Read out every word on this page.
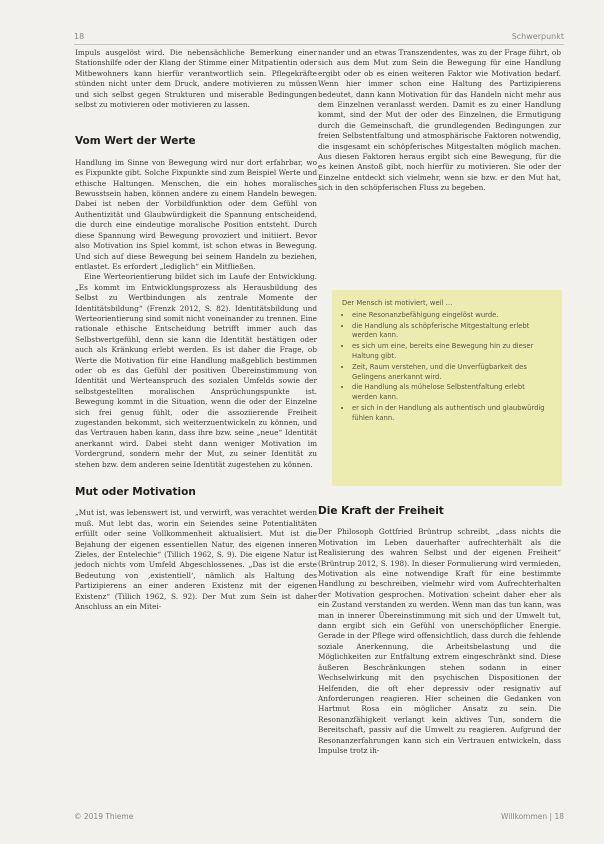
18	Schwerpunkt

Impuls ausgelöst wird. Die nebensächliche Bemerkung einer Stationshilfe oder der Klang der Stimme einer Mitpatientin oder Mitbewohners kann hierfür verantwortlich sein. Pflegekräfte stünden nicht unter dem Druck, andere motivieren zu müssen und sich selbst gegen Strukturen und miserable Bedingungen selbst zu motivieren oder motivieren zu lassen.

Vom Wert der Werte

Handlung im Sinne von Bewegung wird nur dort erfahrbar, wo es Fixpunkte gibt. Solche Fixpunkte sind zum Beispiel Werte und ethische Haltungen. Menschen, die ein hohes moralisches Bewusstsein haben, können andere zu einem Handeln bewegen. Dabei ist neben der Vorbildfunktion oder dem Gefühl von Authentizität und Glaubwürdigkeit die Spannung entscheidend, die durch eine eindeutige moralische Position entsteht. Durch diese Spannung wird Bewegung provoziert und initiiert. Bevor also Motivation ins Spiel kommt, ist schon etwas in Bewegung. Und sich auf diese Bewegung bei seinem Handeln zu beziehen, entlastet. Es erfordert „lediglich“ ein Mitfließen.

Eine Werteorientierung bildet sich im Laufe der Entwicklung. „Es kommt im Entwicklungsprozess als Herausbildung des Selbst zu Wertbindungen als zentrale Momente der Identitätsbildung“ (Frenzk 2012, S. 82). Identitätsbildung und Werteorientierung sind somit nicht voneinander zu trennen. Eine rationale ethische Entscheidung betrifft immer auch das Selbstwertgefühl, denn sie kann die Identität bestätigen oder auch als Kränkung erlebt werden. Es ist daher die Frage, ob Werte die Motivation für eine Handlung maßgeblich bestimmen oder ob es das Gefühl der positiven Übereinstimmung von Identität und Werteanspruch des sozialen Umfelds sowie der selbstgestellten moralischen Ansprüchungspunkte ist. Bewegung kommt in die Situation, wenn die oder der Einzelne sich frei genug fühlt, oder die assoziierende Freiheit zugestanden bekommt, sich weiterzuentwickeln zu können, und das Vertrauen haben kann, dass ihre bzw. seine „neue“ Identität anerkannt wird. Dabei steht dann weniger Motivation im Vordergrund, sondern mehr der Mut, zu seiner Identität zu stehen bzw. dem anderen seine Identität zugestehen zu können.

Mut oder Motivation

„Mut ist, was lebenswert ist, und verwirft, was verachtet werden muß. Mut lebt das, worin ein Seiendes seine Potentialitäten erfüllt oder seine Vollkommenheit aktualisiert. Mut ist die Bejahung der eigenen essentiellen Natur, des eigenen inneren Zieles, der Entelechie“ (Tillich 1962, S. 9). Die eigene Natur ist jedoch nichts vom Umfeld Abgeschlossenes. „Das ist die erste Bedeutung von ‚existentiell‘, nämlich als Haltung des Partizipierens an einer anderen Existenz mit der eigenen Existenz“ (Tillich 1962, S. 92). Der Mut zum Sein ist daher Anschluss an ein Mitei-

nander und an etwas Transzendentes, was zu der Frage führt, ob sich aus dem Mut zum Sein die Bewegung für eine Handlung ergibt oder ob es einen weiteren Faktor wie Motivation bedarf. Wenn hier immer schon eine Haltung des Partizipierens bedeutet, dann kann Motivation für das Handeln nicht mehr aus dem Einzelnen veranlasst werden. Damit es zu einer Handlung kommt, sind der Mut der oder des Einzelnen, die Ermutigung durch die Gemeinschaft, die grundlegenden Bedingungen zur freien Selbstentfaltung und atmosphärische Faktoren notwendig, die insgesamt ein schöpferisches Mitgestalten möglich machen. Aus diesen Faktoren heraus ergibt sich eine Bewegung, für die es keinen Anstoß gibt, noch hierfür zu motivieren. Sie oder der Einzelne entdeckt sich vielmehr, wenn sie bzw. er den Mut hat, sich in den schöpferischen Fluss zu begeben.

Der Mensch ist motiviert, weil …
• eine Resonanzbefähigung eingelöst wurde.
• die Handlung als schöpferische Mitgestaltung erlebt werden kann.
• es sich um eine, bereits eine Bewegung hin zu dieser Haltung gibt.
• Zeit, Raum verstehen, und die Unverfügbarkeit des Gelingens anerkannt wird.
• die Handlung als mühelose Selbstentfaltung erlebt werden kann.
• er sich in der Handlung als authentisch und glaubwürdig fühlen kann.
Die Kraft der Freiheit

Der Philosoph Gottfried Brüntrup schreibt, „dass nichts die Motivation im Leben dauerhafter aufrechterhält als die Realisierung des wahren Selbst und der eigenen Freiheit“ (Brüntrup 2012, S. 198). In dieser Formulierung wird vermieden, Motivation als eine notwendige Kraft für eine bestimmte Handlung zu beschreiben, vielmehr wird vom Aufrechterhalten der Motivation gesprochen. Motivation scheint daher eher als ein Zustand verstanden zu werden. Wenn man das tun kann, was man in innerer Übereinstimmung mit sich und der Umwelt tut, dann ergibt sich ein Gefühl von unerschöpflicher Energie. Gerade in der Pflege wird offensichtlich, dass durch die fehlende soziale Anerkennung, die Arbeitsbelastung und die Möglichkeiten zur Entfaltung extrem eingeschränkt sind. Diese äußeren Beschränkungen stehen sodann in einer Wechselwirkung mit den psychischen Dispositionen der Helfenden, die oft eher depressiv oder resignativ auf Anforderungen reagieren. Hier scheinen die Gedanken von Hartmut Rosa ein möglicher Ansatz zu sein. Die Resonanzfähigkeit verlangt kein aktives Tun, sondern die Bereitschaft, passiv auf die Umwelt zu reagieren. Aufgrund der Resonanzerfahrungen kann sich ein Vertrauen entwickeln, dass Impulse trotz ih-

© 2019 Thieme	Willkommen | 18
